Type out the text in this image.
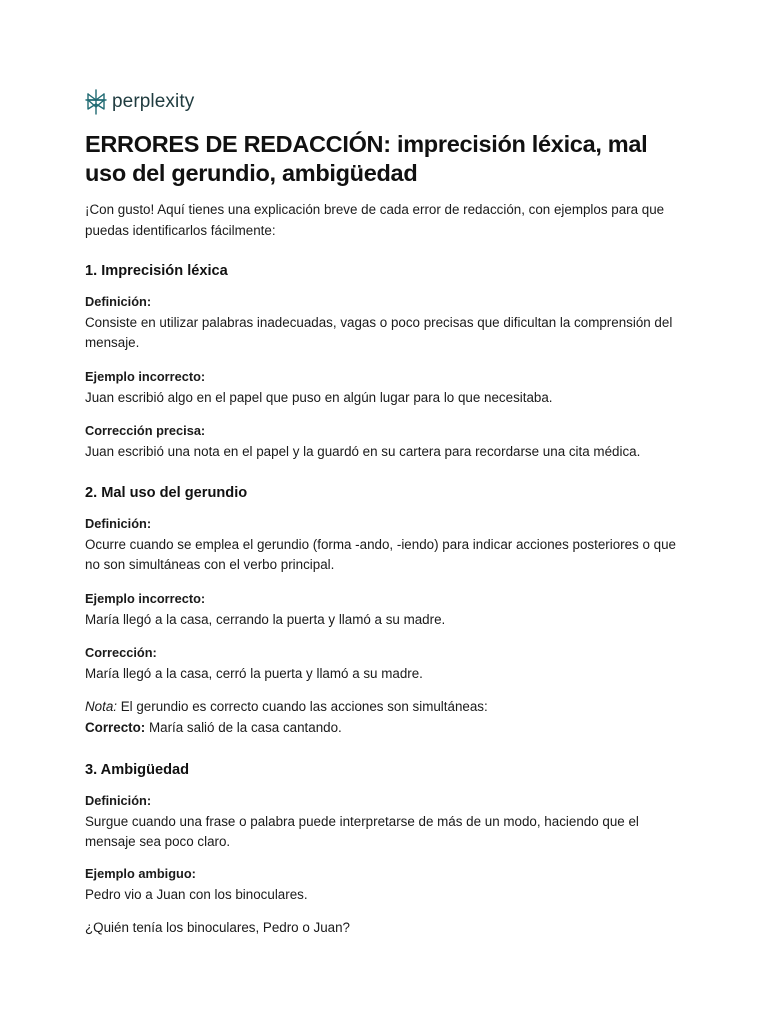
perplexity
ERRORES DE REDACCIÓN: imprecisión léxica, mal uso del gerundio, ambigüedad

¡Con gusto! Aquí tienes una explicación breve de cada error de redacción, con ejemplos para que puedas identificarlos fácilmente:

1. Imprecisión léxica

Definición:
Consiste en utilizar palabras inadecuadas, vagas o poco precisas que dificultan la comprensión del mensaje.

Ejemplo incorrecto:
Juan escribió algo en el papel que puso en algún lugar para lo que necesitaba.

Corrección precisa:
Juan escribió una nota en el papel y la guardó en su cartera para recordarse una cita médica.

2. Mal uso del gerundio

Definición:
Ocurre cuando se emplea el gerundio (forma -ando, -iendo) para indicar acciones posteriores o que no son simultáneas con el verbo principal.

Ejemplo incorrecto:
María llegó a la casa, cerrando la puerta y llamó a su madre.

Corrección:
María llegó a la casa, cerró la puerta y llamó a su madre.

Nota: El gerundio es correcto cuando las acciones son simultáneas:
Correcto: María salió de la casa cantando.

3. Ambigüedad

Definición:
Surgue cuando una frase o palabra puede interpretarse de más de un modo, haciendo que el mensaje sea poco claro.

Ejemplo ambiguo:
Pedro vio a Juan con los binoculares.

¿Quién tenía los binoculares, Pedro o Juan?
